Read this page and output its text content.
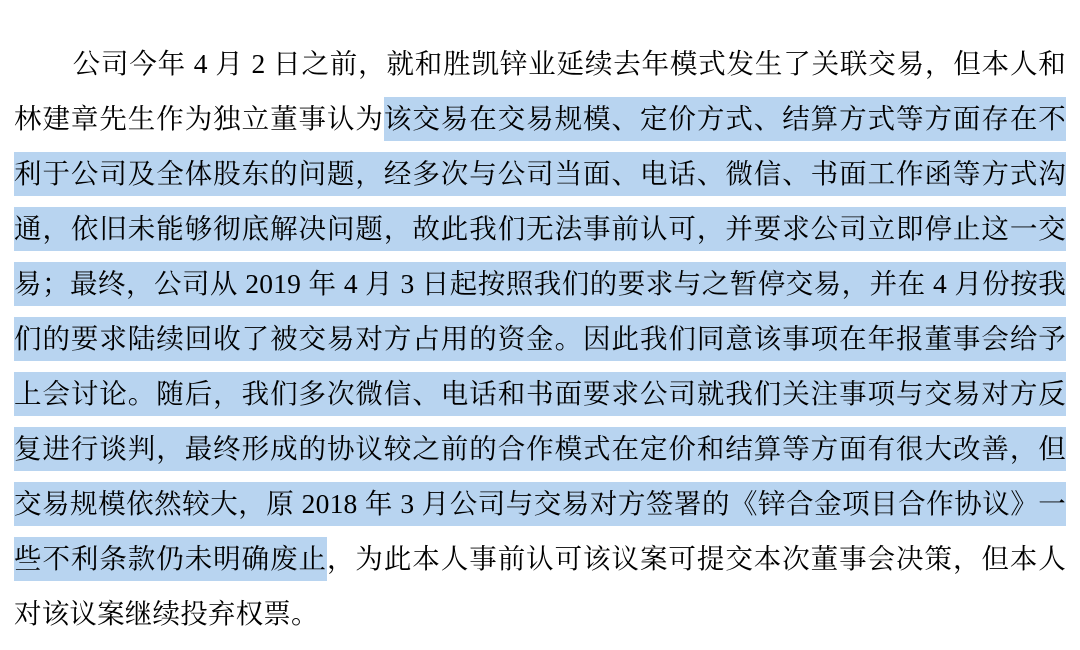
公司今年 4 月 2 日之前，就和胜凯锌业延续去年模式发生了关联交易，但本人和林建章先生作为独立董事认为该交易在交易规模、定价方式、结算方式等方面存在不利于公司及全体股东的问题，经多次与公司当面、电话、微信、书面工作函等方式沟通，依旧未能够彻底解决问题，故此我们无法事前认可，并要求公司立即停止这一交易；最终，公司从 2019 年 4 月 3 日起按照我们的要求与之暂停交易，并在 4 月份按我们的要求陆续回收了被交易对方占用的资金。因此我们同意该事项在年报董事会给予上会讨论。随后，我们多次微信、电话和书面要求公司就我们关注事项与交易对方反复进行谈判，最终形成的协议较之前的合作模式在定价和结算等方面有很大改善，但交易规模依然较大，原 2018 年 3 月公司与交易对方签署的《锌合金项目合作协议》一些不利条款仍未明确废止，为此本人事前认可该议案可提交本次董事会决策，但本人对该议案继续投弃权票。
